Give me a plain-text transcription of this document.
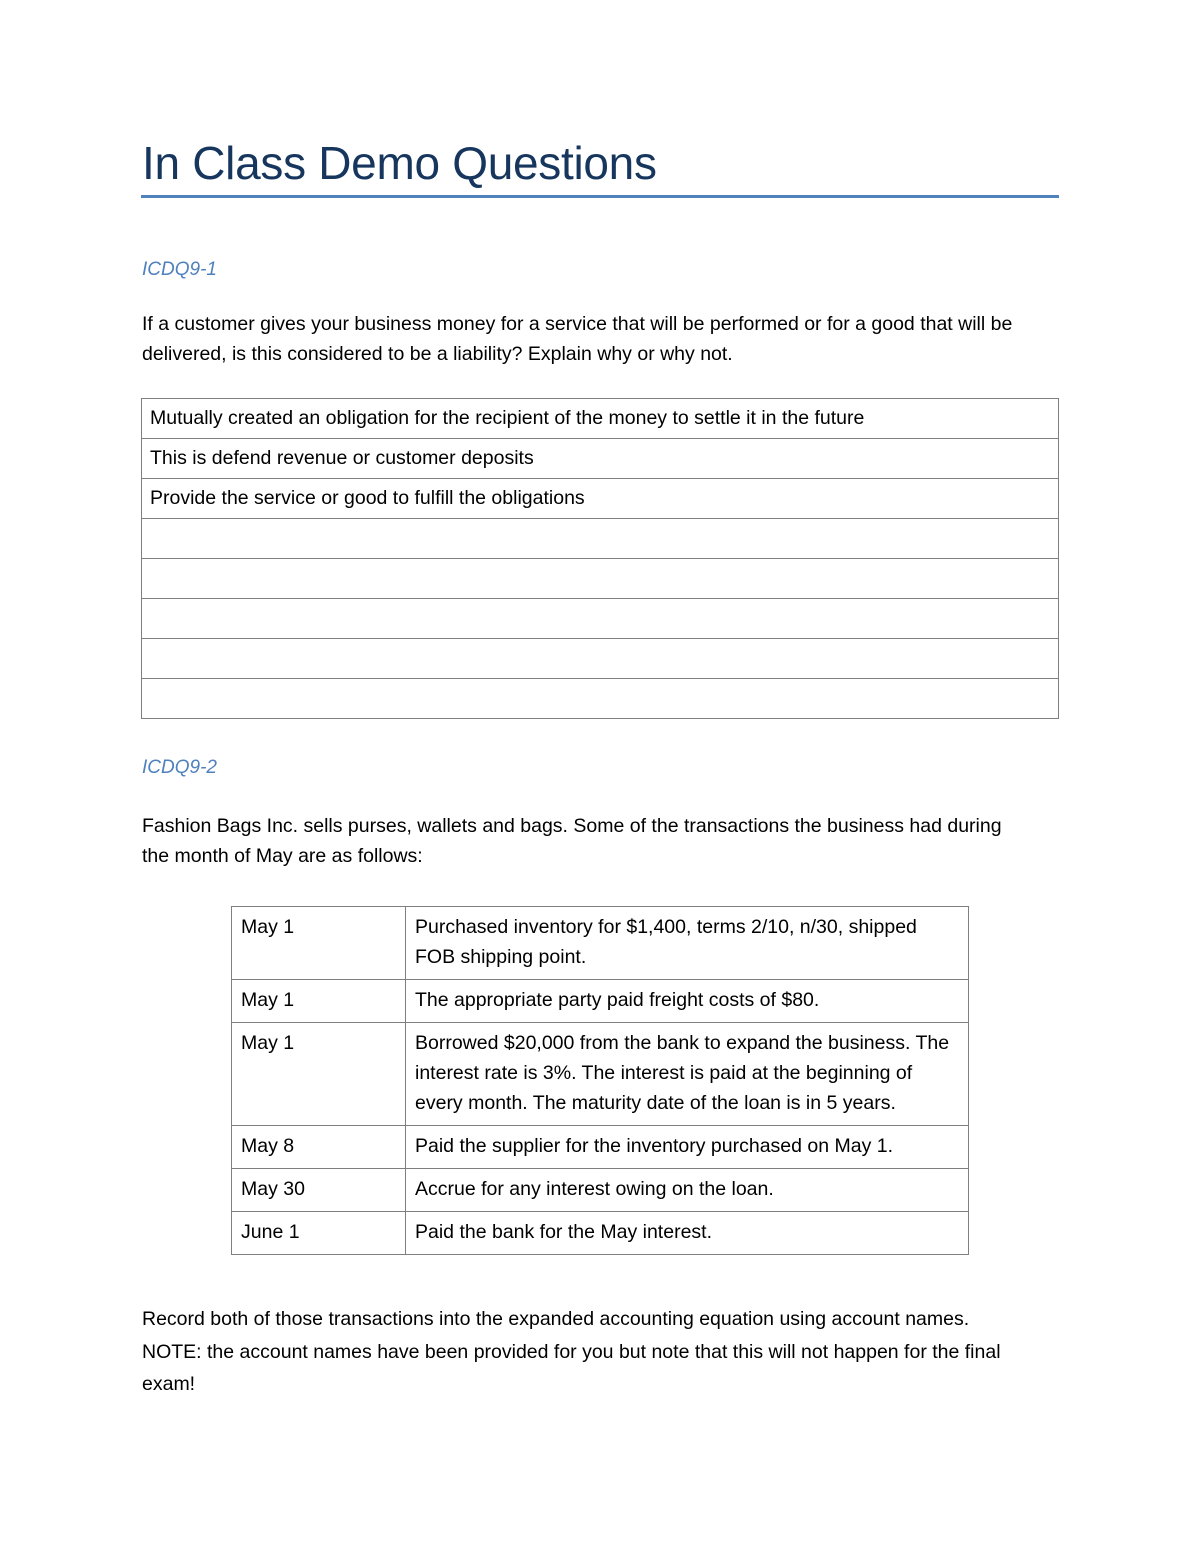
In Class Demo Questions
ICDQ9-1

If a customer gives your business money for a service that will be performed or for a good that will be delivered, is this considered to be a liability? Explain why or why not.

Mutually created an obligation for the recipient of the money to settle it in the future
This is defend revenue or customer deposits
Provide the service or good to fulfill the obligations

ICDQ9-2

Fashion Bags Inc. sells purses, wallets and bags. Some of the transactions the business had during the month of May are as follows:

May 1	Purchased inventory for $1,400, terms 2/10, n/30, shipped FOB shipping point.
May 1	The appropriate party paid freight costs of $80.
May 1	Borrowed $20,000 from the bank to expand the business. The interest rate is 3%. The interest is paid at the beginning of every month. The maturity date of the loan is in 5 years.
May 8	Paid the supplier for the inventory purchased on May 1.
May 30	Accrue for any interest owing on the loan.
June 1	Paid the bank for the May interest.

Record both of those transactions into the expanded accounting equation using account names. NOTE: the account names have been provided for you but note that this will not happen for the final exam!
